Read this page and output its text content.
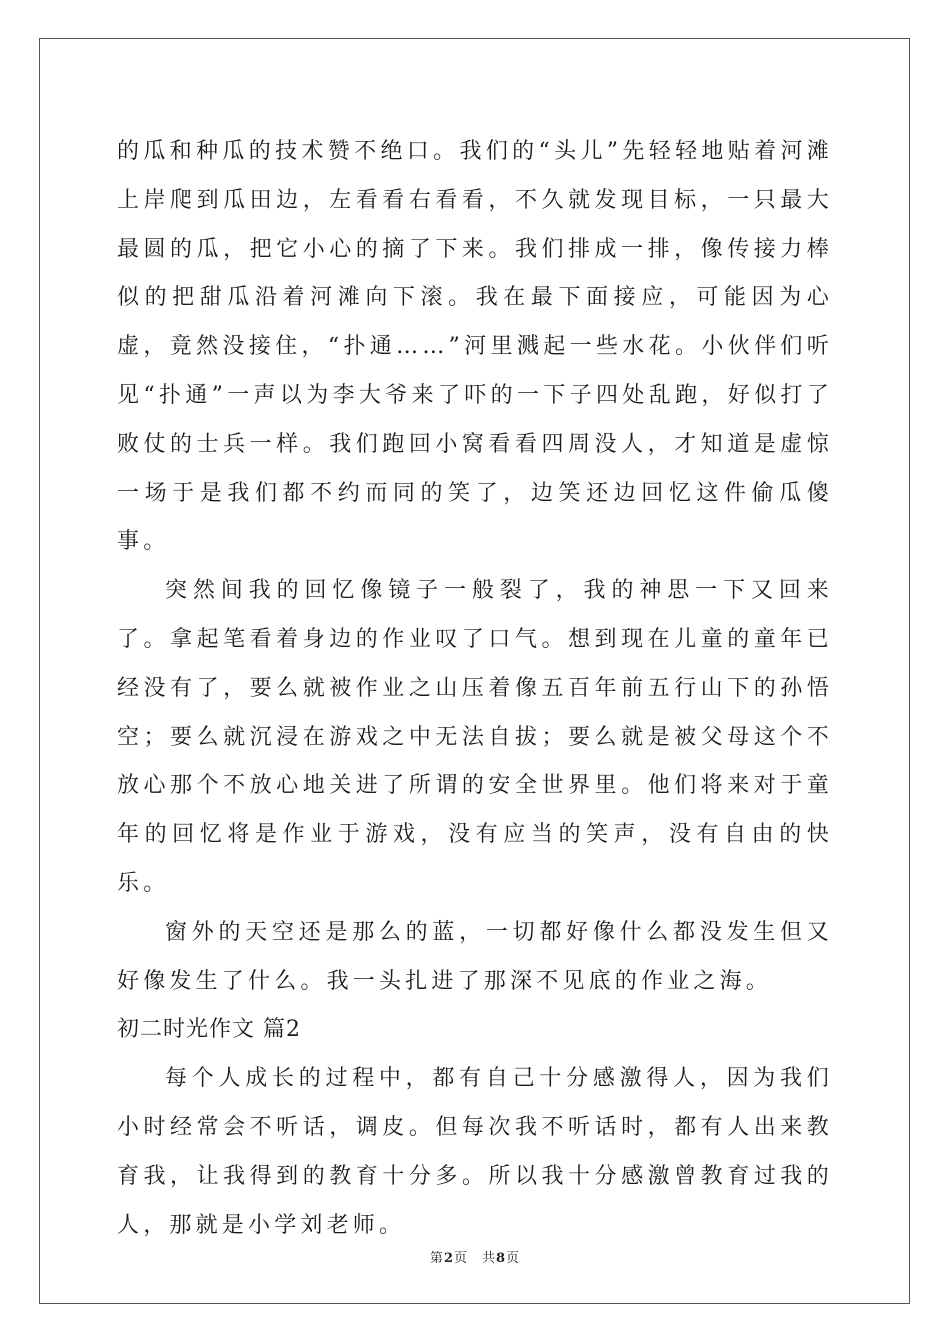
的瓜和种瓜的技术赞不绝口。我们的“头儿”先轻轻地贴着河滩上岸爬到瓜田边，左看看右看看，不久就发现目标，一只最大最圆的瓜，把它小心的摘了下来。我们排成一排，像传接力棒似的把甜瓜沿着河滩向下滚。我在最下面接应，可能因为心虚，竟然没接住，“扑通……”河里溅起一些水花。小伙伴们听见“扑通”一声以为李大爷来了吓的一下子四处乱跑，好似打了败仗的士兵一样。我们跑回小窝看看四周没人，才知道是虚惊一场于是我们都不约而同的笑了，边笑还边回忆这件偷瓜傻事。

突然间我的回忆像镜子一般裂了，我的神思一下又回来了。拿起笔看着身边的作业叹了口气。想到现在儿童的童年已经没有了，要么就被作业之山压着像五百年前五行山下的孙悟空；要么就沉浸在游戏之中无法自拔；要么就是被父母这个不放心那个不放心地关进了所谓的安全世界里。他们将来对于童年的回忆将是作业于游戏，没有应当的笑声，没有自由的快乐。

窗外的天空还是那么的蓝，一切都好像什么都没发生但又好像发生了什么。我一头扎进了那深不见底的作业之海。

初二时光作文 篇2

每个人成长的过程中，都有自己十分感激得人，因为我们小时经常会不听话，调皮。但每次我不听话时，都有人出来教育我，让我得到的教育十分多。所以我十分感激曾教育过我的人，那就是小学刘老师。

第2页　共8页
